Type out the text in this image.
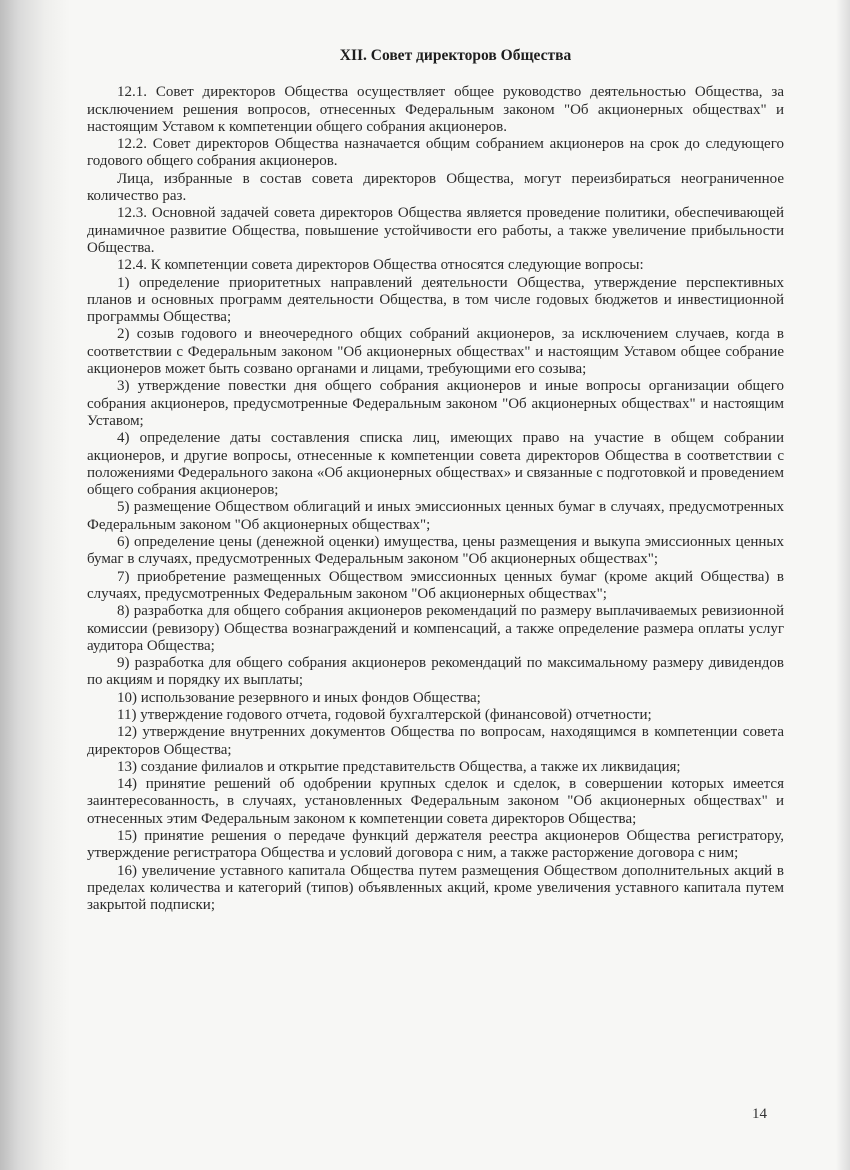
XII. Совет директоров Общества

12.1. Совет директоров Общества осуществляет общее руководство деятельностью Общества, за исключением решения вопросов, отнесенных Федеральным законом "Об акционерных обществах" и настоящим Уставом к компетенции общего собрания акционеров.

12.2. Совет директоров Общества назначается общим собранием акционеров на срок до следующего годового общего собрания акционеров.

Лица, избранные в состав совета директоров Общества, могут переизбираться неограниченное количество раз.

12.3. Основной задачей совета директоров Общества является проведение политики, обеспечивающей динамичное развитие Общества, повышение устойчивости его работы, а также увеличение прибыльности Общества.

12.4. К компетенции совета директоров Общества относятся следующие вопросы:

1) определение приоритетных направлений деятельности Общества, утверждение перспективных планов и основных программ деятельности Общества, в том числе годовых бюджетов и инвестиционной программы Общества;

2) созыв годового и внеочередного общих собраний акционеров, за исключением случаев, когда в соответствии с Федеральным законом "Об акционерных обществах" и настоящим Уставом общее собрание акционеров может быть созвано органами и лицами, требующими его созыва;

3) утверждение повестки дня общего собрания акционеров и иные вопросы организации общего собрания акционеров, предусмотренные Федеральным законом "Об акционерных обществах" и настоящим Уставом;

4) определение даты составления списка лиц, имеющих право на участие в общем собрании акционеров, и другие вопросы, отнесенные к компетенции совета директоров Общества в соответствии с положениями Федерального закона «Об акционерных обществах» и связанные с подготовкой и проведением общего собрания акционеров;

5) размещение Обществом облигаций и иных эмиссионных ценных бумаг в случаях, предусмотренных Федеральным законом "Об акционерных обществах";

6) определение цены (денежной оценки) имущества, цены размещения и выкупа эмиссионных ценных бумаг в случаях, предусмотренных Федеральным законом "Об акционерных обществах";

7) приобретение размещенных Обществом эмиссионных ценных бумаг (кроме акций Общества) в случаях, предусмотренных Федеральным законом "Об акционерных обществах";

8) разработка для общего собрания акционеров рекомендаций по размеру выплачиваемых ревизионной комиссии (ревизору) Общества вознаграждений и компенсаций, а также определение размера оплаты услуг аудитора Общества;

9) разработка для общего собрания акционеров рекомендаций по максимальному размеру дивидендов по акциям и порядку их выплаты;

10) использование резервного и иных фондов Общества;

11) утверждение годового отчета, годовой бухгалтерской (финансовой) отчетности;

12) утверждение внутренних документов Общества по вопросам, находящимся в компетенции совета директоров Общества;

13) создание филиалов и открытие представительств Общества, а также их ликвидация;

14) принятие решений об одобрении крупных сделок и сделок, в совершении которых имеется заинтересованность, в случаях, установленных Федеральным законом "Об акционерных обществах" и отнесенных этим Федеральным законом к компетенции совета директоров Общества;

15) принятие решения о передаче функций держателя реестра акционеров Общества регистратору, утверждение регистратора Общества и условий договора с ним, а также расторжение договора с ним;

16) увеличение уставного капитала Общества путем размещения Обществом дополнительных акций в пределах количества и категорий (типов) объявленных акций, кроме увеличения уставного капитала путем закрытой подписки;

14
